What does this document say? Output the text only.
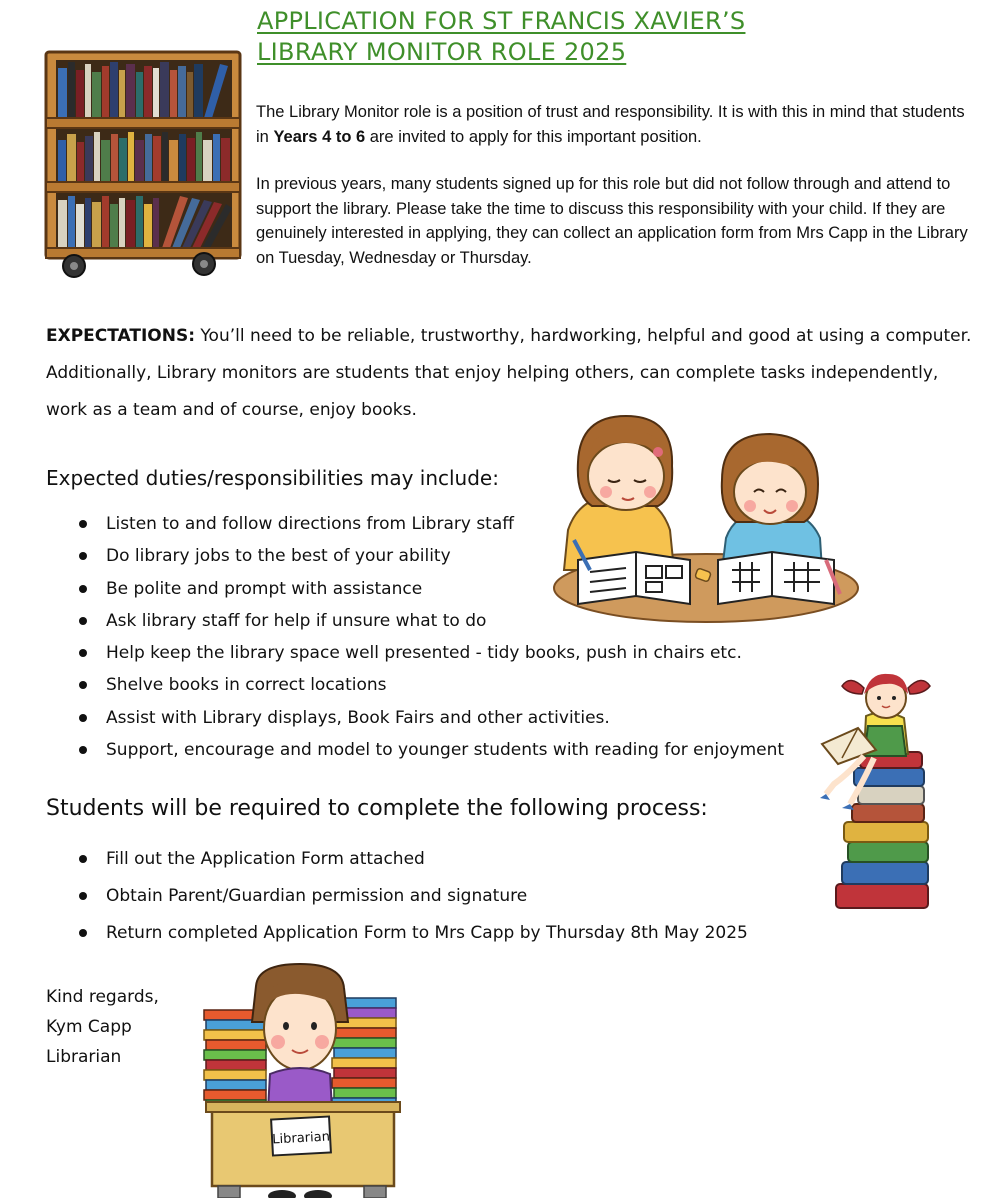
APPLICATION FOR ST FRANCIS XAVIER’S
LIBRARY MONITOR ROLE 2025

The Library Monitor role is a position of trust and responsibility. It is with this in mind that students in Years 4 to 6 are invited to apply for this important position.

In previous years, many students signed up for this role but did not follow through and attend to support the library. Please take the time to discuss this responsibility with your child. If they are genuinely interested in applying, they can collect an application form from Mrs Capp in the Library on Tuesday, Wednesday or Thursday.

EXPECTATIONS: You’ll need to be reliable, trustworthy, hardworking, helpful and good at using a computer. Additionally, Library monitors are students that enjoy helping others, can complete tasks independently, work as a team and of course, enjoy books.

Expected duties/responsibilities may include:
Listen to and follow directions from Library staff
Do library jobs to the best of your ability
Be polite and prompt with assistance
Ask library staff for help if unsure what to do
Help keep the library space well presented - tidy books, push in chairs etc.
Shelve books in correct locations
Assist with Library displays, Book Fairs and other activities.
Support, encourage and model to younger students with reading for enjoyment
Students will be required to complete the following process:
Fill out the Application Form attached
Obtain Parent/Guardian permission and signature
Return completed Application Form to Mrs Capp by Thursday 8th May 2025

Kind regards,
Kym Capp
Librarian

Librarian
